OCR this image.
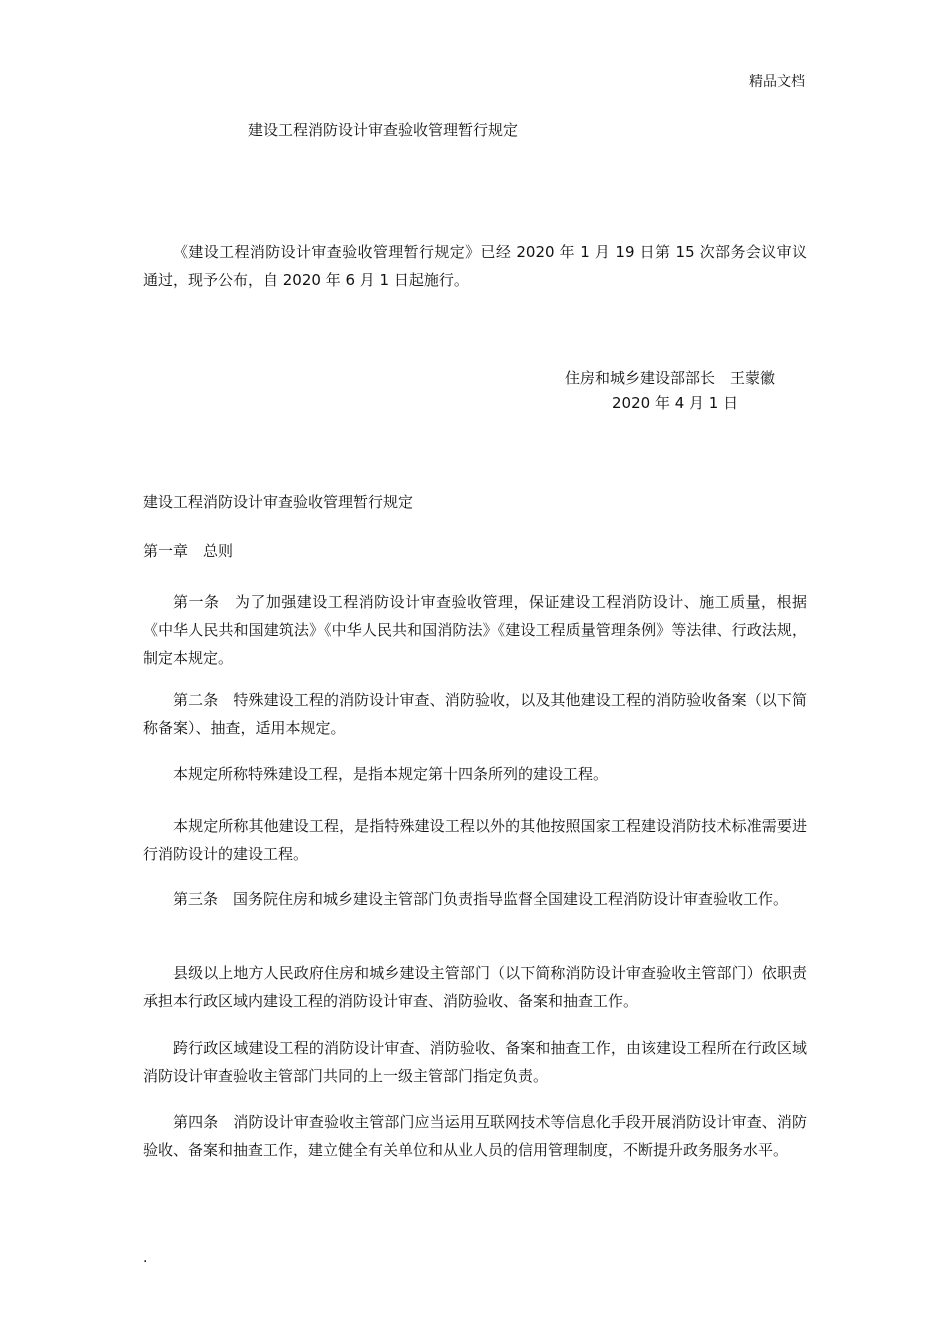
精品文档
建设工程消防设计审查验收管理暂行规定

《建设工程消防设计审查验收管理暂行规定》已经 2020 年 1 月 19 日第 15 次部务会议审议通过，现予公布，自 2020 年 6 月 1 日起施行。

住房和城乡建设部部长　王蒙徽
2020 年 4 月 1 日

建设工程消防设计审查验收管理暂行规定

第一章　总则

第一条　为了加强建设工程消防设计审查验收管理，保证建设工程消防设计、施工质量，根据《中华人民共和国建筑法》《中华人民共和国消防法》《建设工程质量管理条例》等法律、行政法规，制定本规定。

第二条　特殊建设工程的消防设计审查、消防验收，以及其他建设工程的消防验收备案（以下简称备案）、抽查，适用本规定。

本规定所称特殊建设工程，是指本规定第十四条所列的建设工程。

本规定所称其他建设工程，是指特殊建设工程以外的其他按照国家工程建设消防技术标准需要进行消防设计的建设工程。

第三条　国务院住房和城乡建设主管部门负责指导监督全国建设工程消防设计审查验收工作。

县级以上地方人民政府住房和城乡建设主管部门（以下简称消防设计审查验收主管部门）依职责承担本行政区域内建设工程的消防设计审查、消防验收、备案和抽查工作。

跨行政区域建设工程的消防设计审查、消防验收、备案和抽查工作，由该建设工程所在行政区域消防设计审查验收主管部门共同的上一级主管部门指定负责。

第四条　消防设计审查验收主管部门应当运用互联网技术等信息化手段开展消防设计审查、消防验收、备案和抽查工作，建立健全有关单位和从业人员的信用管理制度，不断提升政务服务水平。

.
